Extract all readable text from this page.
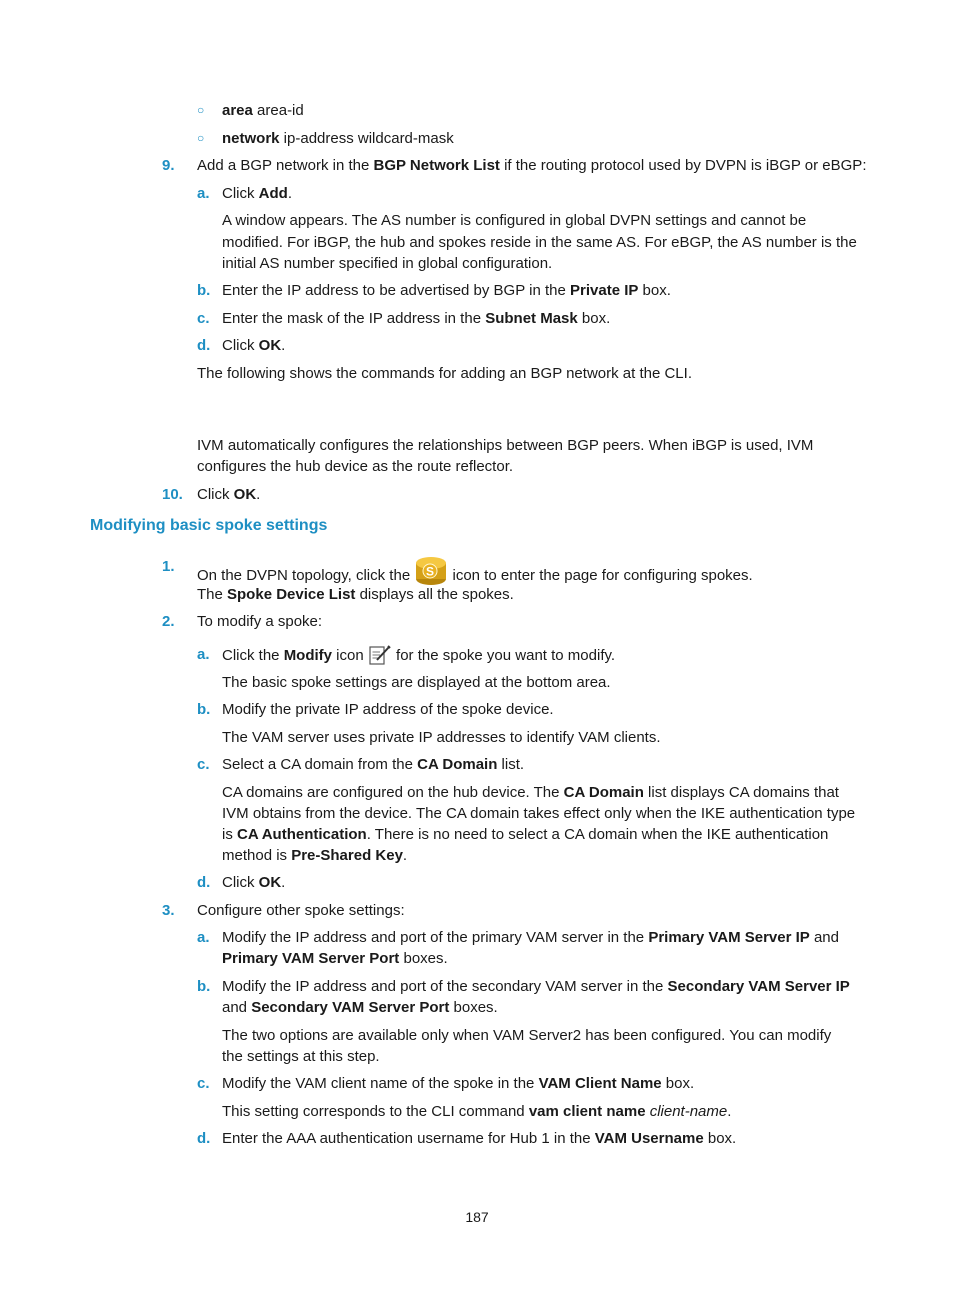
○ area area-id
○ network ip-address wildcard-mask
9. Add a BGP network in the BGP Network List if the routing protocol used by DVPN is iBGP or eBGP:
a. Click Add.
A window appears. The AS number is configured in global DVPN settings and cannot be
modified. For iBGP, the hub and spokes reside in the same AS. For eBGP, the AS number is the
initial AS number specified in global configuration.
b. Enter the IP address to be advertised by BGP in the Private IP box.
c. Enter the mask of the IP address in the Subnet Mask box.
d. Click OK.
The following shows the commands for adding an BGP network at the CLI.
IVM automatically configures the relationships between BGP peers. When iBGP is used, IVM
configures the hub device as the route reflector.
10. Click OK.
Modifying basic spoke settings
1.
On the DVPN topology, click the S icon to enter the page for configuring spokes.
The Spoke Device List displays all the spokes.
2. To modify a spoke:
a. Click the Modify icon  for the spoke you want to modify.
The basic spoke settings are displayed at the bottom area.
b. Modify the private IP address of the spoke device.
The VAM server uses private IP addresses to identify VAM clients.
c. Select a CA domain from the CA Domain list.
CA domains are configured on the hub device. The CA Domain list displays CA domains that
IVM obtains from the device. The CA domain takes effect only when the IKE authentication type
is CA Authentication. There is no need to select a CA domain when the IKE authentication
method is Pre-Shared Key.
d. Click OK.
3. Configure other spoke settings:
a. Modify the IP address and port of the primary VAM server in the Primary VAM Server IP and
Primary VAM Server Port boxes.
b. Modify the IP address and port of the secondary VAM server in the Secondary VAM Server IP
and Secondary VAM Server Port boxes.
The two options are available only when VAM Server2 has been configured. You can modify
the settings at this step.
c. Modify the VAM client name of the spoke in the VAM Client Name box.
This setting corresponds to the CLI command vam client name client-name.
d. Enter the AAA authentication username for Hub 1 in the VAM Username box.
187
